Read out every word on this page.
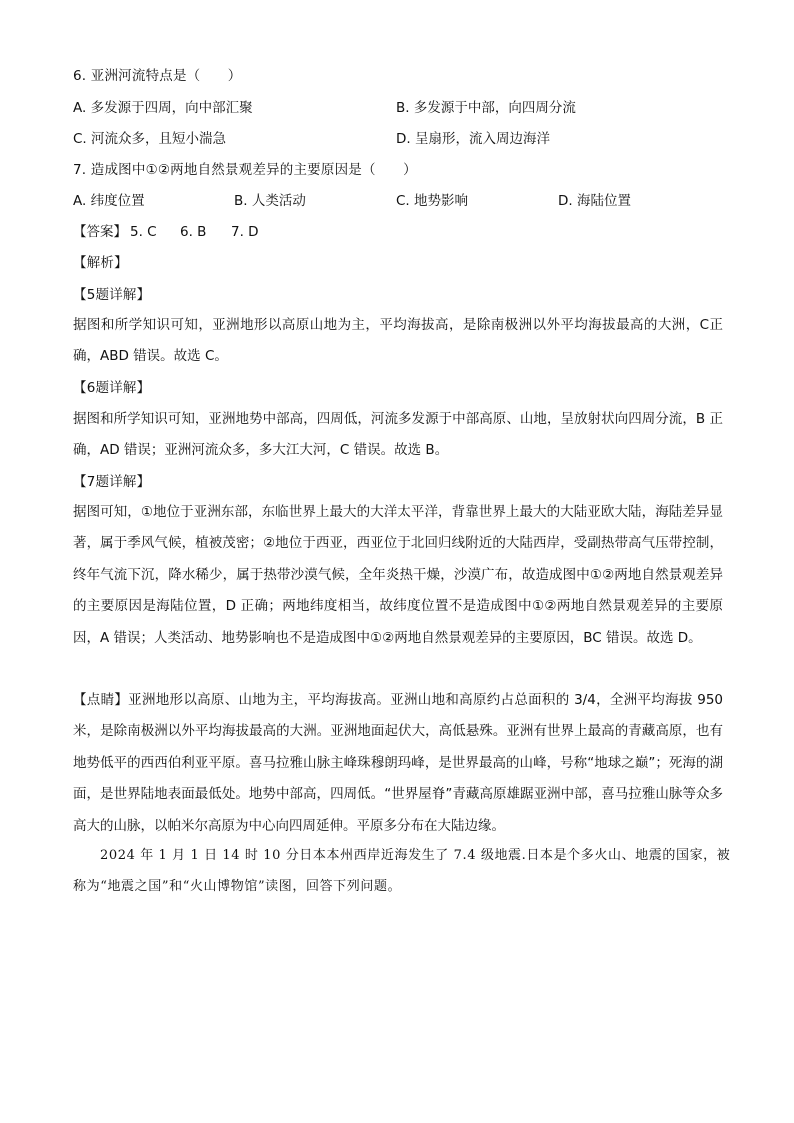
6. 亚洲河流特点是（　　）
A. 多发源于四周，向中部汇聚	B. 多发源于中部，向四周分流
C. 河流众多，且短小湍急	D. 呈扇形，流入周边海洋
7. 造成图中①②两地自然景观差异的主要原因是（　　）
A. 纬度位置	B. 人类活动	C. 地势影响	D. 海陆位置
【答案】 5. C 6. B 7. D
【解析】
【5题详解】

据图和所学知识可知，亚洲地形以高原山地为主，平均海拔高，是除南极洲以外平均海拔最高的大洲，C正确，ABD 错误。故选 C。

【6题详解】

据图和所学知识可知，亚洲地势中部高，四周低，河流多发源于中部高原、山地，呈放射状向四周分流，B 正确，AD 错误；亚洲河流众多，多大江大河，C 错误。故选 B。

【7题详解】

据图可知，①地位于亚洲东部，东临世界上最大的大洋太平洋，背靠世界上最大的大陆亚欧大陆，海陆差异显著，属于季风气候，植被茂密；②地位于西亚，西亚位于北回归线附近的大陆西岸，受副热带高气压带控制，终年气流下沉，降水稀少，属于热带沙漠气候，全年炎热干燥，沙漠广布，故造成图中①②两地自然景观差异的主要原因是海陆位置，D 正确；两地纬度相当，故纬度位置不是造成图中①②两地自然景观差异的主要原因，A 错误；人类活动、地势影响也不是造成图中①②两地自然景观差异的主要原因，BC 错误。故选 D。

【点睛】亚洲地形以高原、山地为主，平均海拔高。亚洲山地和高原约占总面积的 3/4，全洲平均海拔 950米，是除南极洲以外平均海拔最高的大洲。亚洲地面起伏大，高低悬殊。亚洲有世界上最高的青藏高原，也有地势低平的西西伯利亚平原。喜马拉雅山脉主峰珠穆朗玛峰，是世界最高的山峰，号称“地球之巅”；死海的湖面，是世界陆地表面最低处。地势中部高，四周低。“世界屋脊”青藏高原雄踞亚洲中部，喜马拉雅山脉等众多高大的山脉，以帕米尔高原为中心向四周延伸。平原多分布在大陆边缘。

2024 年 1 月 1 日 14 时 10 分日本本州西岸近海发生了 7.4 级地震.日本是个多火山、地震的国家，被
称为“地震之国”和“火山博物馆”读图，回答下列问题。
